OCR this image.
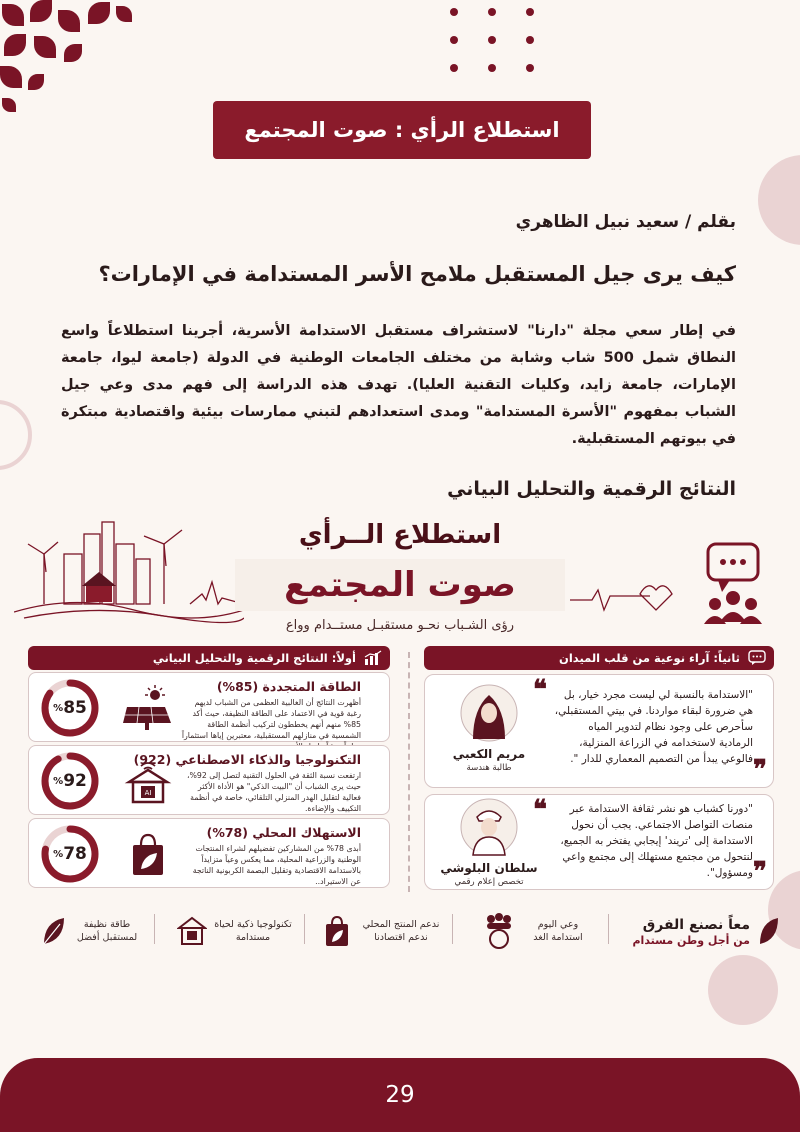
استطلاع الرأي : صوت المجتمع
بقلم / سعيد نبيل الظاهري
كيف يرى جيل المستقبل ملامح الأسر المستدامة في الإمارات؟

في إطار سعي مجلة "دارنا" لاستشراف مستقبل الاستدامة الأسرية، أجرينا استطلاعاً واسع النطاق شمل 500 شاب وشابة من مختلف الجامعات الوطنية في الدولة (جامعة ليوا، جامعة الإمارات، جامعة زايد، وكليات التقنية العليا). تهدف هذه الدراسة إلى فهم مدى وعي جيل الشباب بمفهوم "الأسرة المستدامة" ومدى استعدادهم لتبني ممارسات بيئية واقتصادية مبتكرة في بيوتهم المستقبلية.

النتائج الرقمية والتحليل البياني
استطلاع الــرأي
صوت المجتمع
رؤى الشـباب نحـو مستقبـل مستــدام وواع
أولاً: النتائج الرقمية والتحليل البياني	ثانياً: آراء نوعية من قلب الميدان
الطاقة المتجددة (85%)
أظهرت النتائج أن الغالبية العظمى من الشباب لديهم رغبة قوية في الاعتماد على الطاقة النظيفة، حيث أكد 85% منهم أنهم يخططون لتركيب أنظمة الطاقة الشمسية في منازلهم المستقبلية، معتبرين إياها استثماراً
85
%
التكنولوجيا والذكاء الاصطناعي (922)
ارتفعت نسبة الثقة في الحلول التقنية لتصل إلى 92%، حيث يرى الشباب أن "البيت الذكي" هو الأداة الأكثر فعالية لتقليل الهدر المنزلي التلقائي، خاصة في أنظمة التكييف والإضاءة.
AI
92
%
الاستهلاك المحلي (78%)
أبدى 78% من المشاركين تفضيلهم لشراء المنتجات الوطنية والزراعية المحلية، مما يعكس وعياً متزايداً بالاستدامة الاقتصادية وتقليل البصمة الكربونية الناتجة عن الاستيراد..
78
%
❝	"الاستدامة بالنسبة لي ليست مجرد خيار، بل هي ضرورة لبقاء مواردنا. في بيتي المستقبلي، سأحرص على وجود نظام لتدوير المياه الرمادية لاستخدامه في الزراعة المنزلية، فالوعي يبدأ من التصميم المعماري للدار ". ❞
مريم الكعبي
طالبة هندسة
❝	"دورنا كشباب هو نشر ثقافة الاستدامة عبر منصات التواصل الاجتماعي. يجب أن نحول الاستدامة إلى 'تريند' إيجابي يفتخر به الجميع، لنتحول من مجتمع مستهلك إلى مجتمع واعي ومسؤول". ❞
سلطان البلوشي
تخصص إعلام رقمي
معاً نصنع الفرق
من أجل وطن مستدام
وعي اليوم استدامة الغد
ندعم المنتج المحلي ندعم اقتصادنا
تكنولوجيا ذكية لحياة مستدامة
طاقة نظيفة لمستقبل أفضل
29
